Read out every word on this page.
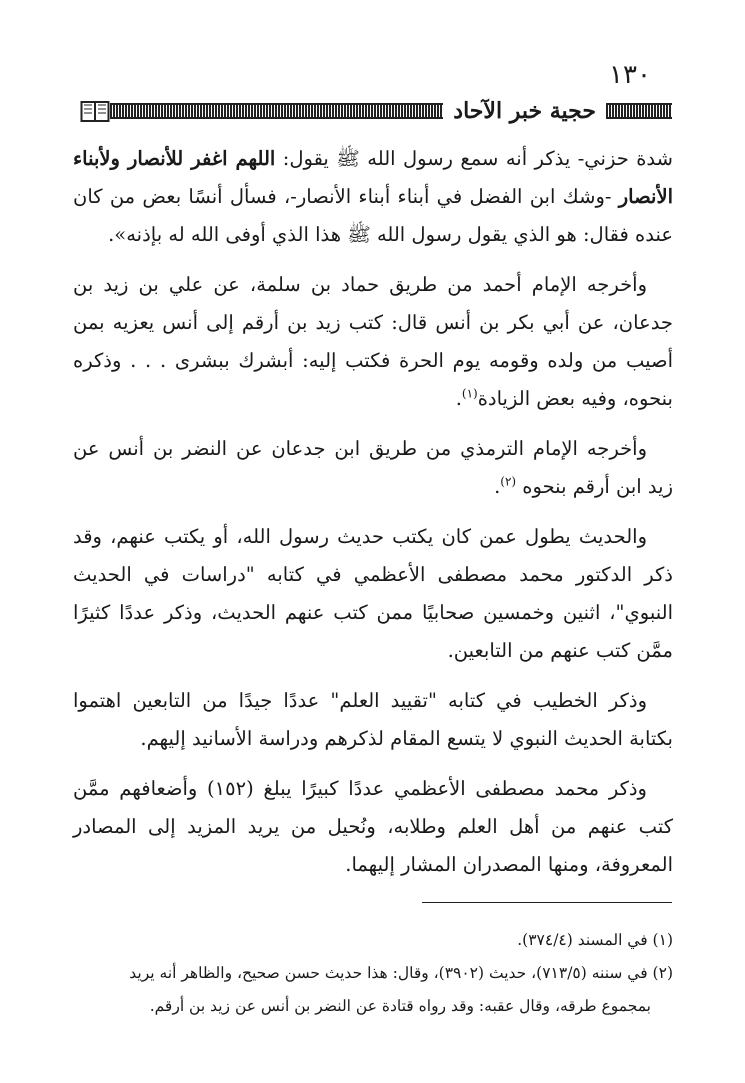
١٣٠
حجية خبر الآحاد

شدة حزني- يذكر أنه سمع رسول الله ﷺ يقول: اللهم اغفر للأنصار ولأبناء الأنصار -وشك ابن الفضل في أبناء أبناء الأنصار-، فسأل أنسًا بعض من كان عنده فقال: هو الذي يقول رسول الله ﷺ هذا الذي أوفى الله له بإذنه».

وأخرجه الإمام أحمد من طريق حماد بن سلمة، عن علي بن زيد بن جدعان، عن أبي بكر بن أنس قال: كتب زيد بن أرقم إلى أنس يعزيه بمن أصيب من ولده وقومه يوم الحرة فكتب إليه: أبشرك ببشرى . . . وذكره بنحوه، وفيه بعض الزيادة$^{(١)}$.

وأخرجه الإمام الترمذي من طريق ابن جدعان عن النضر بن أنس عن زيد ابن أرقم بنحوه $^{(٢)}$.

والحديث يطول عمن كان يكتب حديث رسول الله، أو يكتب عنهم، وقد ذكر الدكتور محمد مصطفى الأعظمي في كتابه "دراسات في الحديث النبوي"، اثنين وخمسين صحابيًا ممن كتب عنهم الحديث، وذكر عددًا كثيرًا ممَّن كتب عنهم من التابعين.

وذكر الخطيب في كتابه "تقييد العلم" عددًا جيدًا من التابعين اهتموا بكتابة الحديث النبوي لا يتسع المقام لذكرهم ودراسة الأسانيد إليهم.

وذكر محمد مصطفى الأعظمي عددًا كبيرًا يبلغ (١٥٢) وأضعافهم ممَّن كتب عنهم من أهل العلم وطلابه، ونُحيل من يريد المزيد إلى المصادر المعروفة، ومنها المصدران المشار إليهما.

(١) في المسند (٣٧٤/٤).

(٢) في سننه (٧١٣/٥)، حديث (٣٩٠٢)، وقال: هذا حديث حسن صحيح، والظاهر أنه يريد

بمجموع طرقه، وقال عقبه: وقد رواه قتادة عن النضر بن أنس عن زيد بن أرقم.
